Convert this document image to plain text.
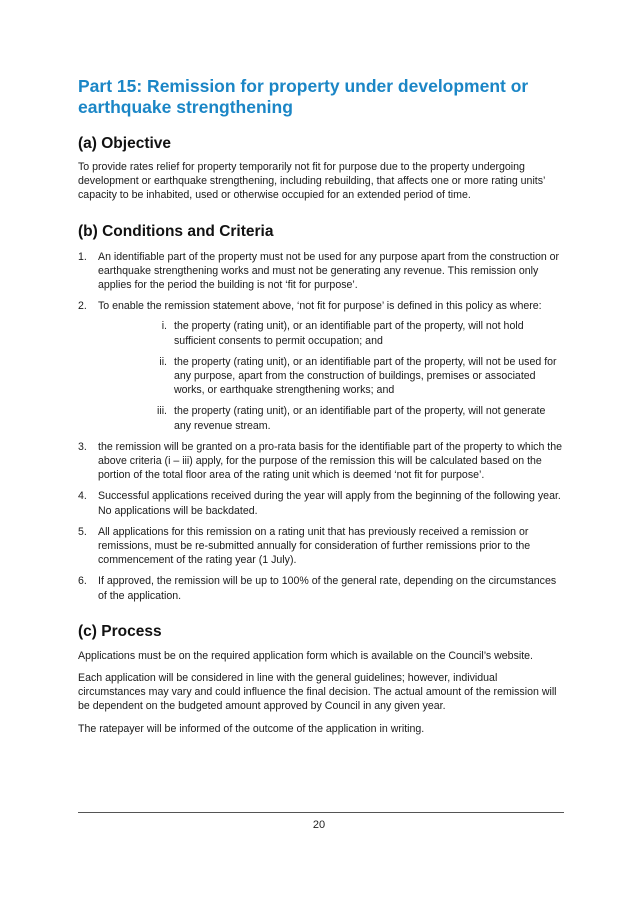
Part 15: Remission for property under development or earthquake strengthening
(a) Objective

To provide rates relief for property temporarily not fit for purpose due to the property undergoing development or earthquake strengthening, including rebuilding, that affects one or more rating units’ capacity to be inhabited, used or otherwise occupied for an extended period of time.

(b) Conditions and Criteria
1. An identifiable part of the property must not be used for any purpose apart from the construction or earthquake strengthening works and must not be generating any revenue. This remission only applies for the period the building is not ‘fit for purpose’.
2. To enable the remission statement above, ‘not fit for purpose’ is defined in this policy as where:
i. the property (rating unit), or an identifiable part of the property, will not hold sufficient consents to permit occupation; and
ii. the property (rating unit), or an identifiable part of the property, will not be used for any purpose, apart from the construction of buildings, premises or associated works, or earthquake strengthening works; and
iii. the property (rating unit), or an identifiable part of the property, will not generate any revenue stream.
3. the remission will be granted on a pro-rata basis for the identifiable part of the property to which the above criteria (i – iii) apply, for the purpose of the remission this will be calculated based on the portion of the total floor area of the rating unit which is deemed ‘not fit for purpose’.
4. Successful applications received during the year will apply from the beginning of the following year. No applications will be backdated.
5. All applications for this remission on a rating unit that has previously received a remission or remissions, must be re-submitted annually for consideration of further remissions prior to the commencement of the rating year (1 July).
6. If approved, the remission will be up to 100% of the general rate, depending on the circumstances of the application.
(c) Process

Applications must be on the required application form which is available on the Council’s website.

Each application will be considered in line with the general guidelines; however, individual circumstances may vary and could influence the final decision. The actual amount of the remission will be dependent on the budgeted amount approved by Council in any given year.

The ratepayer will be informed of the outcome of the application in writing.

20
